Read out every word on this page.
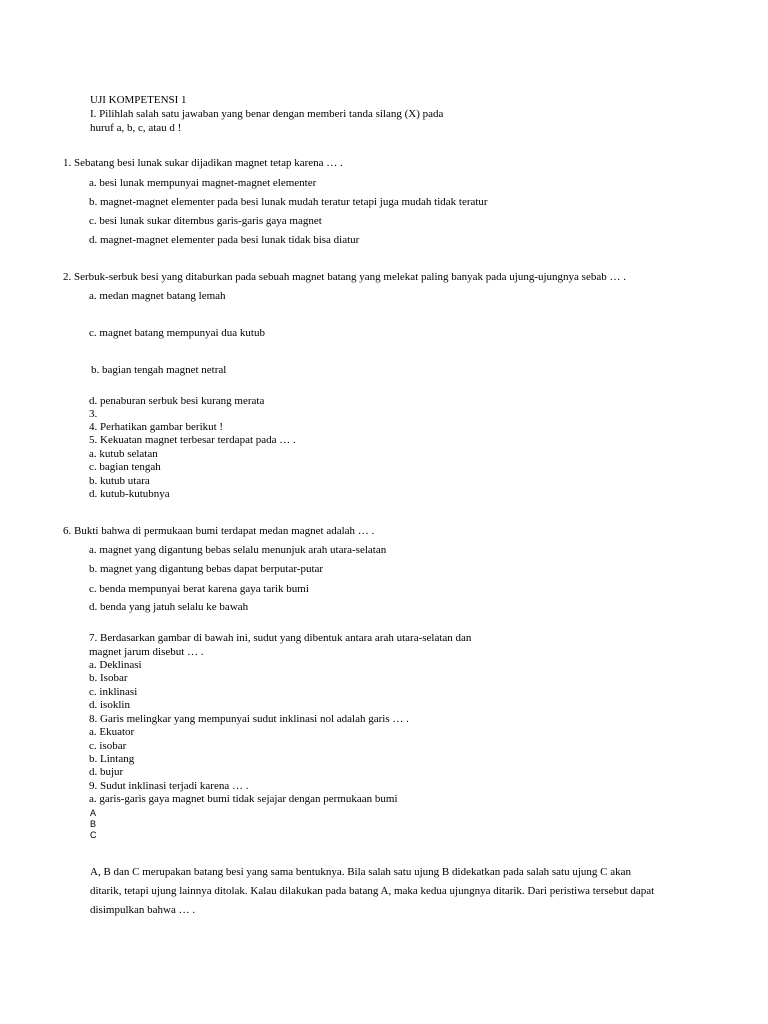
UJI KOMPETENSI 1

I. Pilihlah salah satu jawaban yang benar dengan memberi tanda silang (X) pada

huruf a, b, c, atau d !

1. Sebatang besi lunak sukar dijadikan magnet tetap karena … .

a. besi lunak mempunyai magnet-magnet elementer

b. magnet-magnet elementer pada besi lunak mudah teratur tetapi juga mudah tidak teratur

c. besi lunak sukar ditembus garis-garis gaya magnet

d. magnet-magnet elementer pada besi lunak tidak bisa diatur

2. Serbuk-serbuk besi yang ditaburkan pada sebuah magnet batang yang melekat paling banyak pada ujung-ujungnya sebab … .

a. medan magnet batang lemah

c. magnet batang mempunyai dua kutub

b. bagian tengah magnet netral

d. penaburan serbuk besi kurang merata

3.

4. Perhatikan gambar berikut !

5. Kekuatan magnet terbesar terdapat pada … .

a. kutub selatan

c. bagian tengah

b. kutub utara

d. kutub-kutubnya

6. Bukti bahwa di permukaan bumi terdapat medan magnet adalah … .

a. magnet yang digantung bebas selalu menunjuk arah utara-selatan

b. magnet yang digantung bebas dapat berputar-putar

c. benda mempunyai berat karena gaya tarik bumi

d. benda yang jatuh selalu ke bawah

7. Berdasarkan gambar di bawah ini, sudut yang dibentuk antara arah utara-selatan dan

magnet jarum disebut … .

a. Deklinasi

b. Isobar

c. inklinasi

d. isoklin

8. Garis melingkar yang mempunyai sudut inklinasi nol adalah garis … .

a. Ekuator

c. isobar

b. Lintang

d. bujur

9. Sudut inklinasi terjadi karena … .

a. garis-garis gaya magnet bumi tidak sejajar dengan permukaan bumi

A

B

C

A, B dan C merupakan batang besi yang sama bentuknya. Bila salah satu ujung B didekatkan pada salah satu ujung C akan

ditarik, tetapi ujung lainnya ditolak. Kalau dilakukan pada batang A, maka kedua ujungnya ditarik. Dari peristiwa tersebut dapat

disimpulkan bahwa … .
